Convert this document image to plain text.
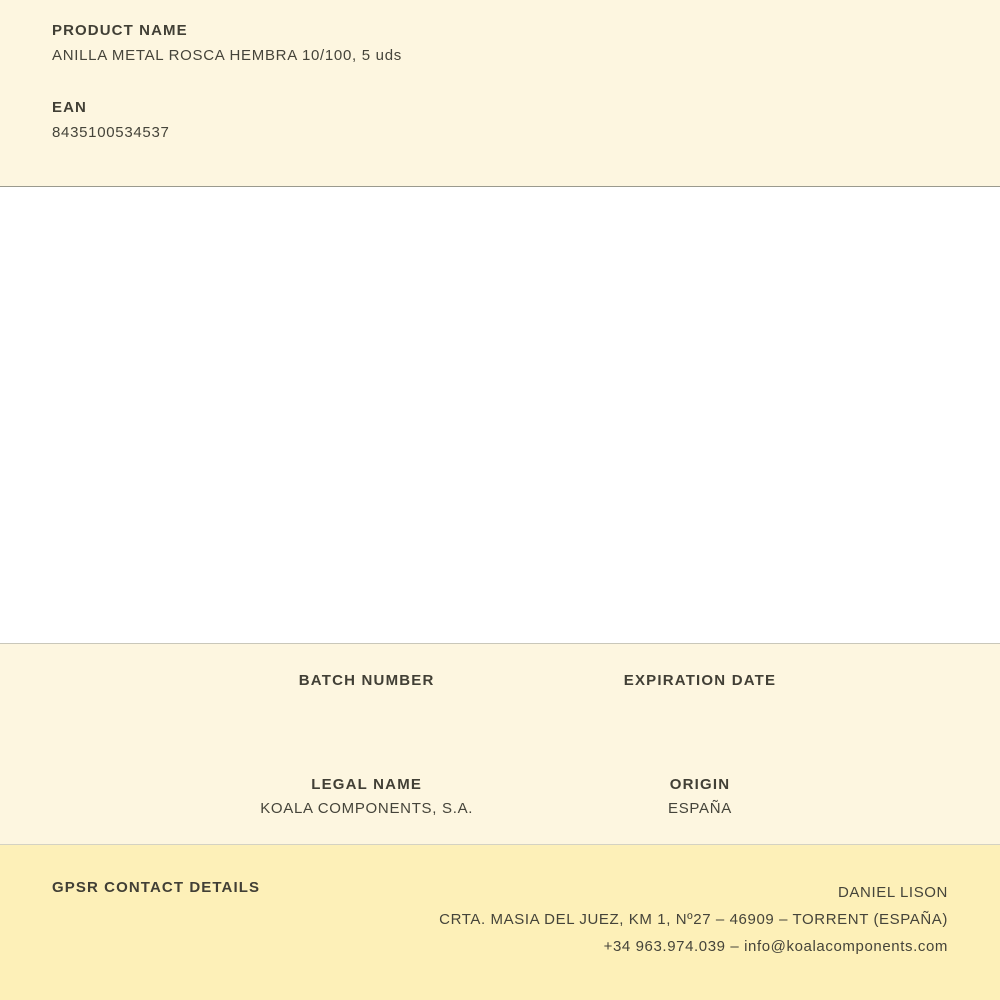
PRODUCT NAME

ANILLA METAL ROSCA HEMBRA 10/100, 5 uds

EAN

8435100534537

BATCH NUMBER	EXPIRATION DATE

LEGAL NAME

KOALA COMPONENTS, S.A.

ORIGIN

ESPAÑA

GPSR CONTACT DETAILS	DANIEL LISON
CRTA. MASIA DEL JUEZ, KM 1, Nº27 – 46909 – TORRENT (ESPAÑA)
+34 963.974.039 – info@koalacomponents.com
